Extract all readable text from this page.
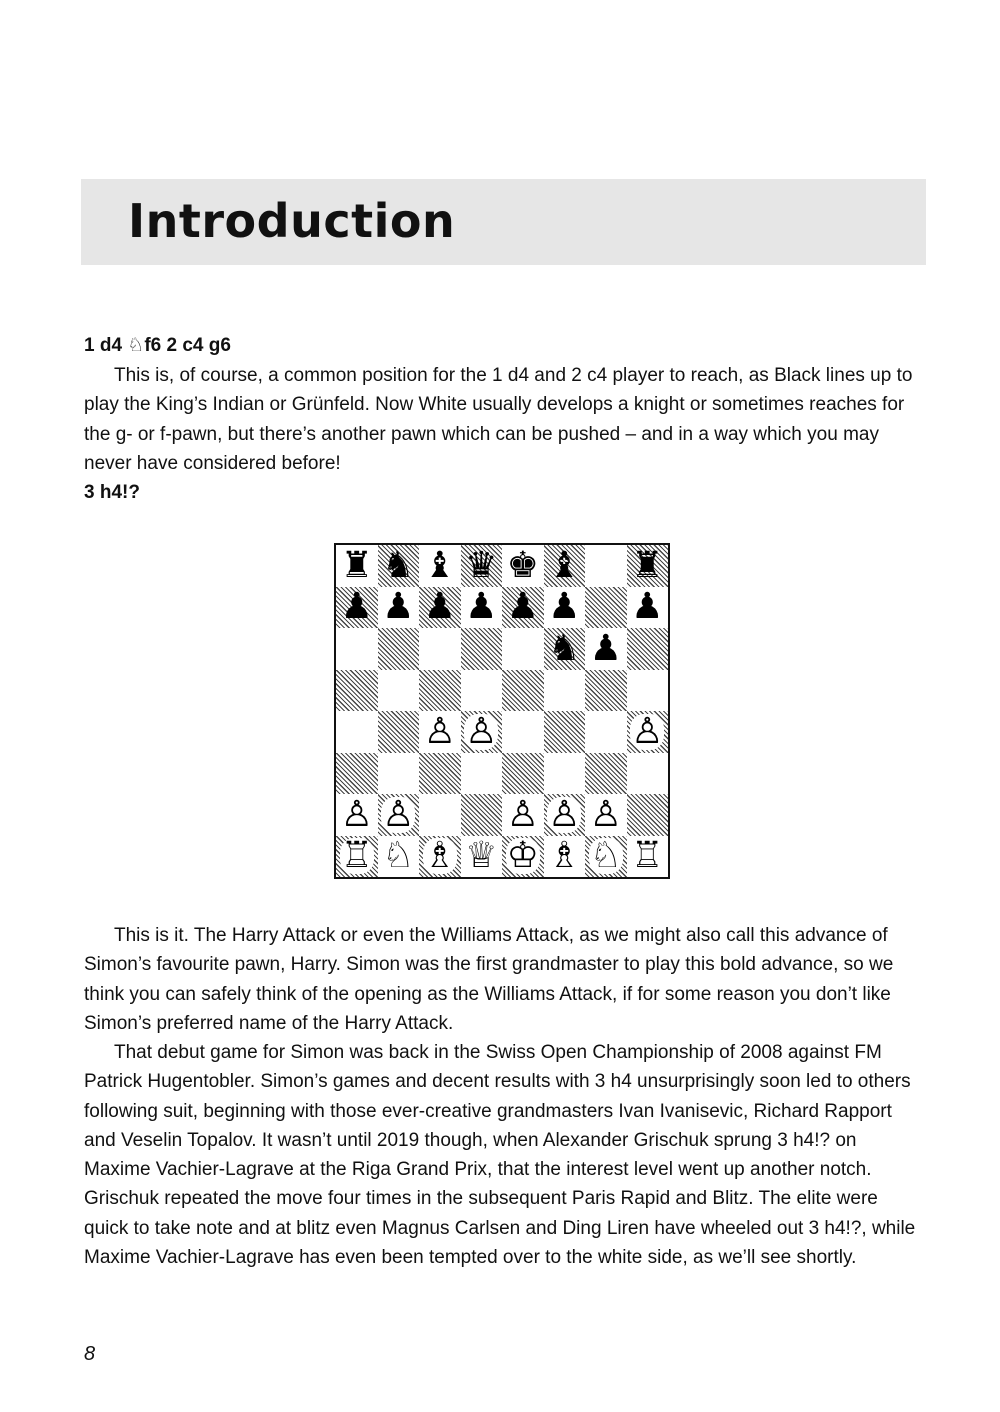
Introduction

1 d4 ♘f6 2 c4 g6

This is, of course, a common position for the 1 d4 and 2 c4 player to reach, as Black lines up to play the King’s Indian or Grünfeld. Now White usually develops a knight or sometimes reaches for the g- or f-pawn, but there’s another pawn which can be pushed – and in a way which you may never have considered before!

3 h4!?

♜ ♞ ♝ ♛ ♚ ♝ ♜
♟ ♟ ♟ ♟ ♟ ♟ ♟
♞ ♟
♙ ♙	♙
♙ ♙	♙ ♙ ♙
♖ ♘ ♗ ♕ ♔ ♗ ♘ ♖

This is it. The Harry Attack or even the Williams Attack, as we might also call this advance of Simon’s favourite pawn, Harry. Simon was the first grandmaster to play this bold advance, so we think you can safely think of the opening as the Williams Attack, if for some reason you don’t like Simon’s preferred name of the Harry Attack.

That debut game for Simon was back in the Swiss Open Championship of 2008 against FM Patrick Hugentobler. Simon’s games and decent results with 3 h4 unsurprisingly soon led to others following suit, beginning with those ever-creative grandmasters Ivan Ivanisevic, Richard Rapport and Veselin Topalov. It wasn’t until 2019 though, when Alexander Grischuk sprung 3 h4!? on Maxime Vachier-Lagrave at the Riga Grand Prix, that the interest level went up another notch. Grischuk repeated the move four times in the subsequent Paris Rapid and Blitz. The elite were quick to take note and at blitz even Magnus Carlsen and Ding Liren have wheeled out 3 h4!?, while Maxime Vachier-Lagrave has even been tempted over to the white side, as we’ll see shortly.

8
